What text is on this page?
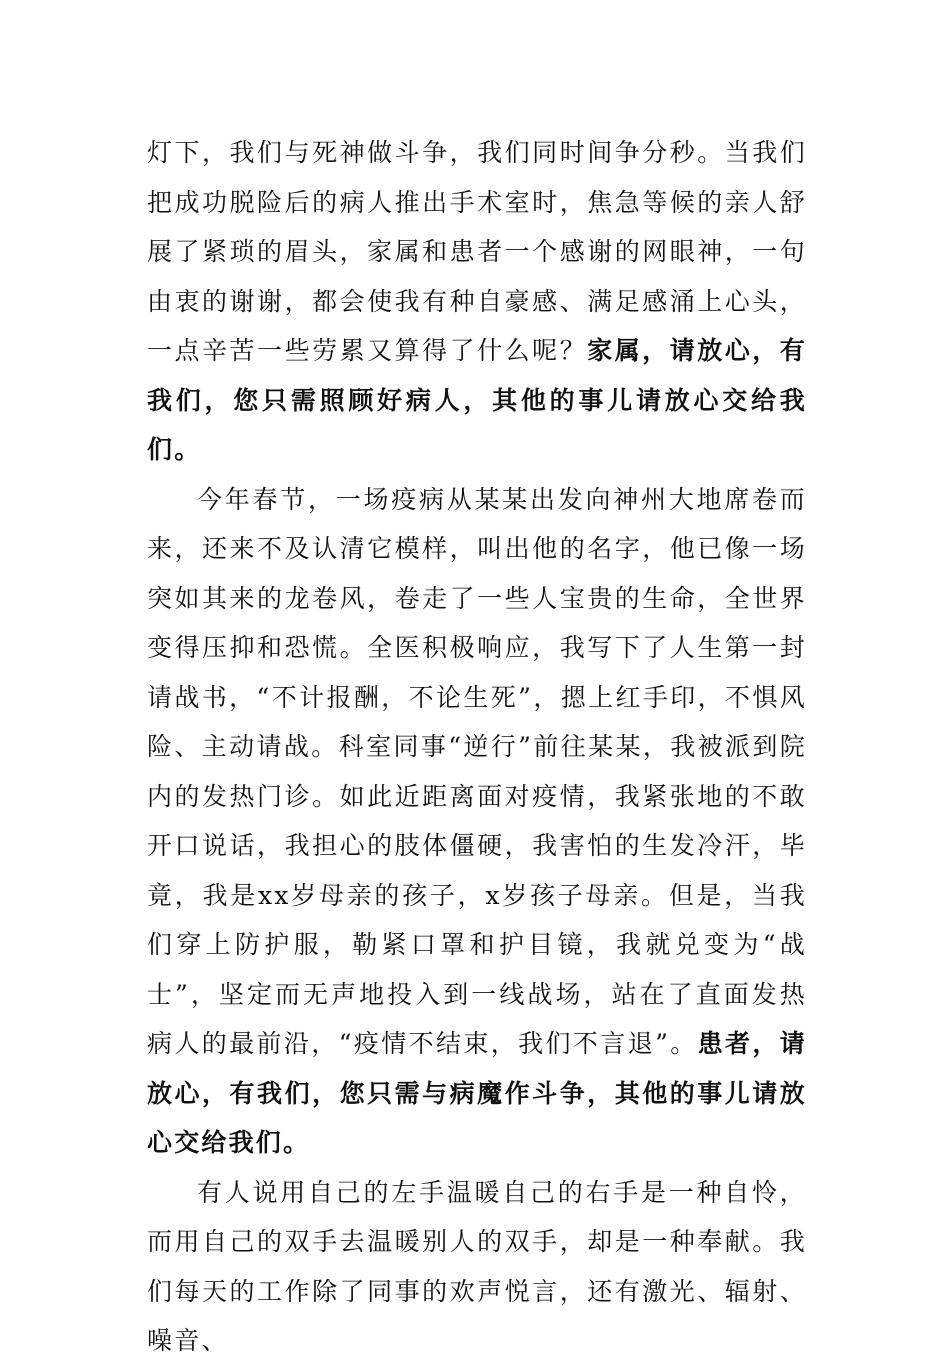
灯下，我们与死神做斗争，我们同时间争分秒。当我们把成功脱险后的病人推出手术室时，焦急等候的亲人舒展了紧琐的眉头，家属和患者一个感谢的网眼神，一句由衷的谢谢，都会使我有种自豪感、满足感涌上心头，一点辛苦一些劳累又算得了什么呢？家属，请放心，有我们，您只需照顾好病人，其他的事儿请放心交给我们。

今年春节，一场疫病从某某出发向神州大地席卷而来，还来不及认清它模样，叫出他的名字，他已像一场突如其来的龙卷风，卷走了一些人宝贵的生命，全世界变得压抑和恐慌。全医积极响应，我写下了人生第一封请战书，“不计报酬，不论生死”，摁上红手印，不惧风险、主动请战。科室同事“逆行”前往某某，我被派到院内的发热门诊。如此近距离面对疫情，我紧张地的不敢开口说话，我担心的肢体僵硬，我害怕的生发冷汗，毕竟，我是xx岁母亲的孩子，x岁孩子母亲。但是，当我们穿上防护服，勒紧口罩和护目镜，我就兑变为“战士”，坚定而无声地投入到一线战场，站在了直面发热病人的最前沿，“疫情不结束，我们不言退”。患者，请放心，有我们，您只需与病魔作斗争，其他的事儿请放心交给我们。

有人说用自己的左手温暖自己的右手是一种自怜，而用自己的双手去温暖别人的双手，却是一种奉献。我们每天的工作除了同事的欢声悦言，还有激光、辐射、噪音、
